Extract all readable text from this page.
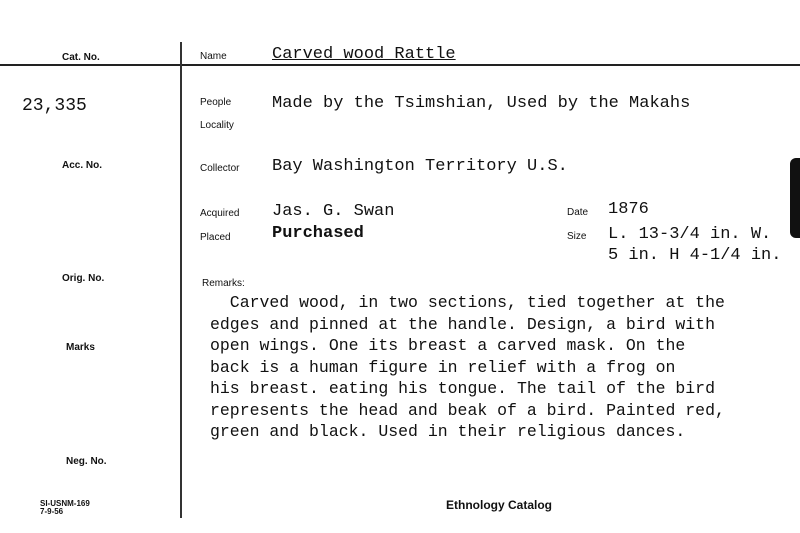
Cat. No.
23,335
Acc. No.
Orig. No.
Marks
Neg. No.
Name	Carved wood Rattle
People
Locality
Made by the Tsimshian, Used by the Makahs
Collector Bay Washington Territory U.S.
Acquired Jas. G. Swan
Placed Purchased
Date 1876
Size L. 13-3/4 in. W.
5 in. H 4-1/4 in.
Remarks:
Carved wood, in two sections, tied together at the
edges and pinned at the handle. Design, a bird with
open wings. One its breast a carved mask. On the
back is a human figure in relief with a frog on
his breast. eating his tongue. The tail of the bird
represents the head and beak of a bird. Painted red,
green and black. Used in their religious dances.
SI-USNM-169
7-9-56	Ethnology Catalog
